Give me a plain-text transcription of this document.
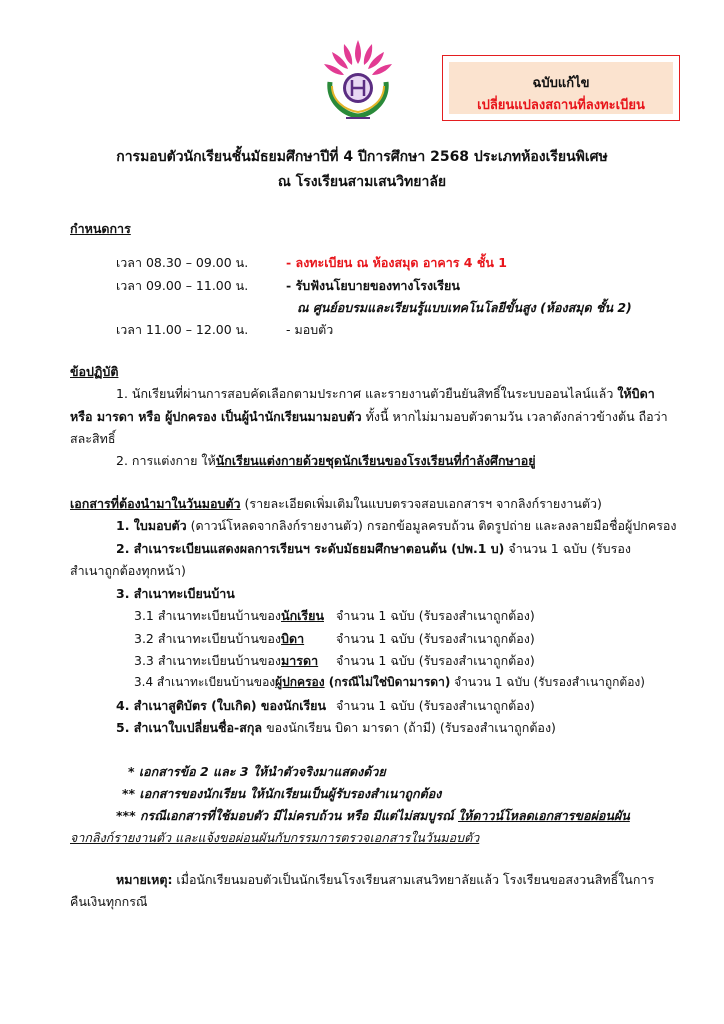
ฉบับแก้ไข
เปลี่ยนแปลงสถานที่ลงทะเบียน
การมอบตัวนักเรียนชั้นมัธยมศึกษาปีที่ 4 ปีการศึกษา 2568 ประเภทห้องเรียนพิเศษ
ณ โรงเรียนสามเสนวิทยาลัย
กำหนดการ
เวลา 08.30 – 09.00 น.	- ลงทะเบียน ณ ห้องสมุด อาคาร 4 ชั้น 1
เวลา 09.00 – 11.00 น.	- รับฟังนโยบายของทางโรงเรียน
ณ ศูนย์อบรมและเรียนรู้แบบเทคโนโลยีขั้นสูง (ห้องสมุด ชั้น 2)
เวลา 11.00 – 12.00 น.	- มอบตัว
ข้อปฏิบัติ
1. นักเรียนที่ผ่านการสอบคัดเลือกตามประกาศ และรายงานตัวยืนยันสิทธิ์ในระบบออนไลน์แล้ว ให้บิดา
หรือ มารดา หรือ ผู้ปกครอง เป็นผู้นำนักเรียนมามอบตัว ทั้งนี้ หากไม่มามอบตัวตามวัน เวลาดังกล่าวข้างต้น ถือว่า
สละสิทธิ์
2. การแต่งกาย ให้นักเรียนแต่งกายด้วยชุดนักเรียนของโรงเรียนที่กำลังศึกษาอยู่
เอกสารที่ต้องนำมาในวันมอบตัว (รายละเอียดเพิ่มเติมในแบบตรวจสอบเอกสารฯ จากลิงก์รายงานตัว)
1. ใบมอบตัว (ดาวน์โหลดจากลิงก์รายงานตัว) กรอกข้อมูลครบถ้วน ติดรูปถ่าย และลงลายมือชื่อผู้ปกครอง
2. สำเนาระเบียนแสดงผลการเรียนฯ ระดับมัธยมศึกษาตอนต้น (ปพ.1 บ) จำนวน 1 ฉบับ (รับรอง
สำเนาถูกต้องทุกหน้า)
3. สำเนาทะเบียนบ้าน
3.1 สำเนาทะเบียนบ้านของนักเรียน จำนวน 1 ฉบับ (รับรองสำเนาถูกต้อง)
3.2 สำเนาทะเบียนบ้านของบิดา	จำนวน 1 ฉบับ (รับรองสำเนาถูกต้อง)
3.3 สำเนาทะเบียนบ้านของมารดา จำนวน 1 ฉบับ (รับรองสำเนาถูกต้อง)
3.4 สำเนาทะเบียนบ้านของผู้ปกครอง (กรณีไม่ใช่บิดามารดา) จำนวน 1 ฉบับ (รับรองสำเนาถูกต้อง)
4. สำเนาสูติบัตร (ใบเกิด) ของนักเรียน จำนวน 1 ฉบับ (รับรองสำเนาถูกต้อง)
5. สำเนาใบเปลี่ยนชื่อ-สกุล ของนักเรียน บิดา มารดา (ถ้ามี) (รับรองสำเนาถูกต้อง)
* เอกสารข้อ 2 และ 3 ให้นำตัวจริงมาแสดงด้วย
** เอกสารของนักเรียน ให้นักเรียนเป็นผู้รับรองสำเนาถูกต้อง
*** กรณีเอกสารที่ใช้มอบตัว มีไม่ครบถ้วน หรือ มีแต่ไม่สมบูรณ์ ให้ดาวน์โหลดเอกสารขอผ่อนผัน
จากลิงก์รายงานตัว และแจ้งขอผ่อนผันกับกรรมการตรวจเอกสารในวันมอบตัว
หมายเหตุ: เมื่อนักเรียนมอบตัวเป็นนักเรียนโรงเรียนสามเสนวิทยาลัยแล้ว โรงเรียนขอสงวนสิทธิ์ในการ
คืนเงินทุกกรณี
